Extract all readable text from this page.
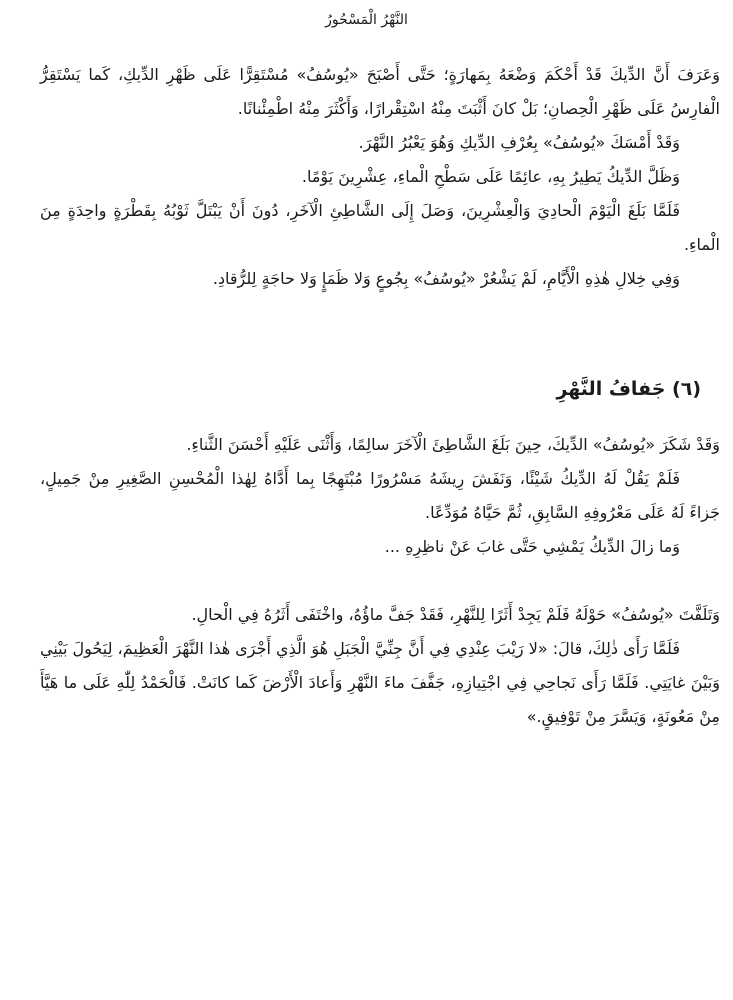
النَّهْرُ الْمَسْحُورُ

وَعَرَفَ أَنَّ الدِّيكَ قَدْ أَحْكَمَ وَضْعَهُ بِمَهارَةٍ؛ حَتَّى أَصْبَحَ «يُوسُفُ» مُسْتَقِرًّا عَلَى ظَهْرِ الدِّيكِ، كَما يَسْتَقِرُّ الْفارِسُ عَلَى ظَهْرِ الْحِصانِ؛ بَلْ كانَ أَثْبَتَ مِنْهُ اسْتِقْرارًا، وَأَكْثَرَ مِنْهُ اطْمِئْنانًا.

وَقَدْ أَمْسَكَ «يُوسُفُ» بِعُرْفِ الدِّيكِ وَهُوَ يَعْبُرُ النَّهْرَ.

وَظَلَّ الدِّيكُ يَطِيرُ بِهِ، عائِمًا عَلَى سَطْحِ الْماءِ، عِشْرِينَ يَوْمًا.

فَلَمَّا بَلَغَ الْيَوْمَ الْحادِيَ وَالْعِشْرِينَ، وَصَلَ إِلَى الشَّاطِئِ الْآخَرِ، دُونَ أَنْ يَبْتَلَّ ثَوْبُهُ بِقَطْرَةٍ واحِدَةٍ مِنَ الْماءِ.

وَفِي خِلالِ هٰذِهِ الْأَيَّامِ، لَمْ يَشْعُرْ «يُوسُفُ» بِجُوعٍ وَلا ظَمَإٍ وَلا حاجَةٍ لِلرُّقادِ.

(٦) جَفافُ النَّهْرِ

وَقَدْ شَكَرَ «يُوسُفُ» الدِّيكَ، حِينَ بَلَغَ الشَّاطِئَ الْآخَرَ سالِمًا، وَأَثْنَى عَلَيْهِ أَحْسَنَ الثَّناءِ.

فَلَمْ يَقُلْ لَهُ الدِّيكُ شَيْئًا، وَنَفَشَ رِيشَهُ مَسْرُورًا مُبْتَهِجًا بِما أَدَّاهُ لِهٰذا الْمُحْسِنِ الصَّغِيرِ مِنْ جَمِيلٍ، جَزاءً لَهُ عَلَى مَعْرُوفِهِ السَّابِقِ، ثُمَّ حَيَّاهُ مُوَدِّعًا.

وَما زالَ الدِّيكُ يَمْشِي حَتَّى غابَ عَنْ ناظِرِهِ ...

وَتَلَفَّتَ «يُوسُفُ» حَوْلَهُ فَلَمْ يَجِدْ أَثَرًا لِلنَّهْرِ، فَقَدْ جَفَّ ماؤُهُ، واخْتَفَى أَثَرُهُ فِي الْحالِ.

فَلَمَّا رَأَى ذٰلِكَ، قالَ: «لا رَيْبَ عِنْدِي فِي أَنَّ جِنِّيَّ الْجَبَلِ هُوَ الَّذِي أَجْرَى هٰذا النَّهْرَ الْعَظِيمَ، لِيَحُولَ بَيْنِي وَبَيْنَ غايَتِي. فَلَمَّا رَأَى نَجاحِي فِي اجْتِيازِهِ، جَفَّفَ ماءَ النَّهْرِ وَأَعادَ الْأَرْضَ كَما كانَتْ. فَالْحَمْدُ لِلّٰهِ عَلَى ما هَيَّأَ مِنْ مَعُونَةٍ، وَيَسَّرَ مِنْ تَوْفِيقٍ.»
